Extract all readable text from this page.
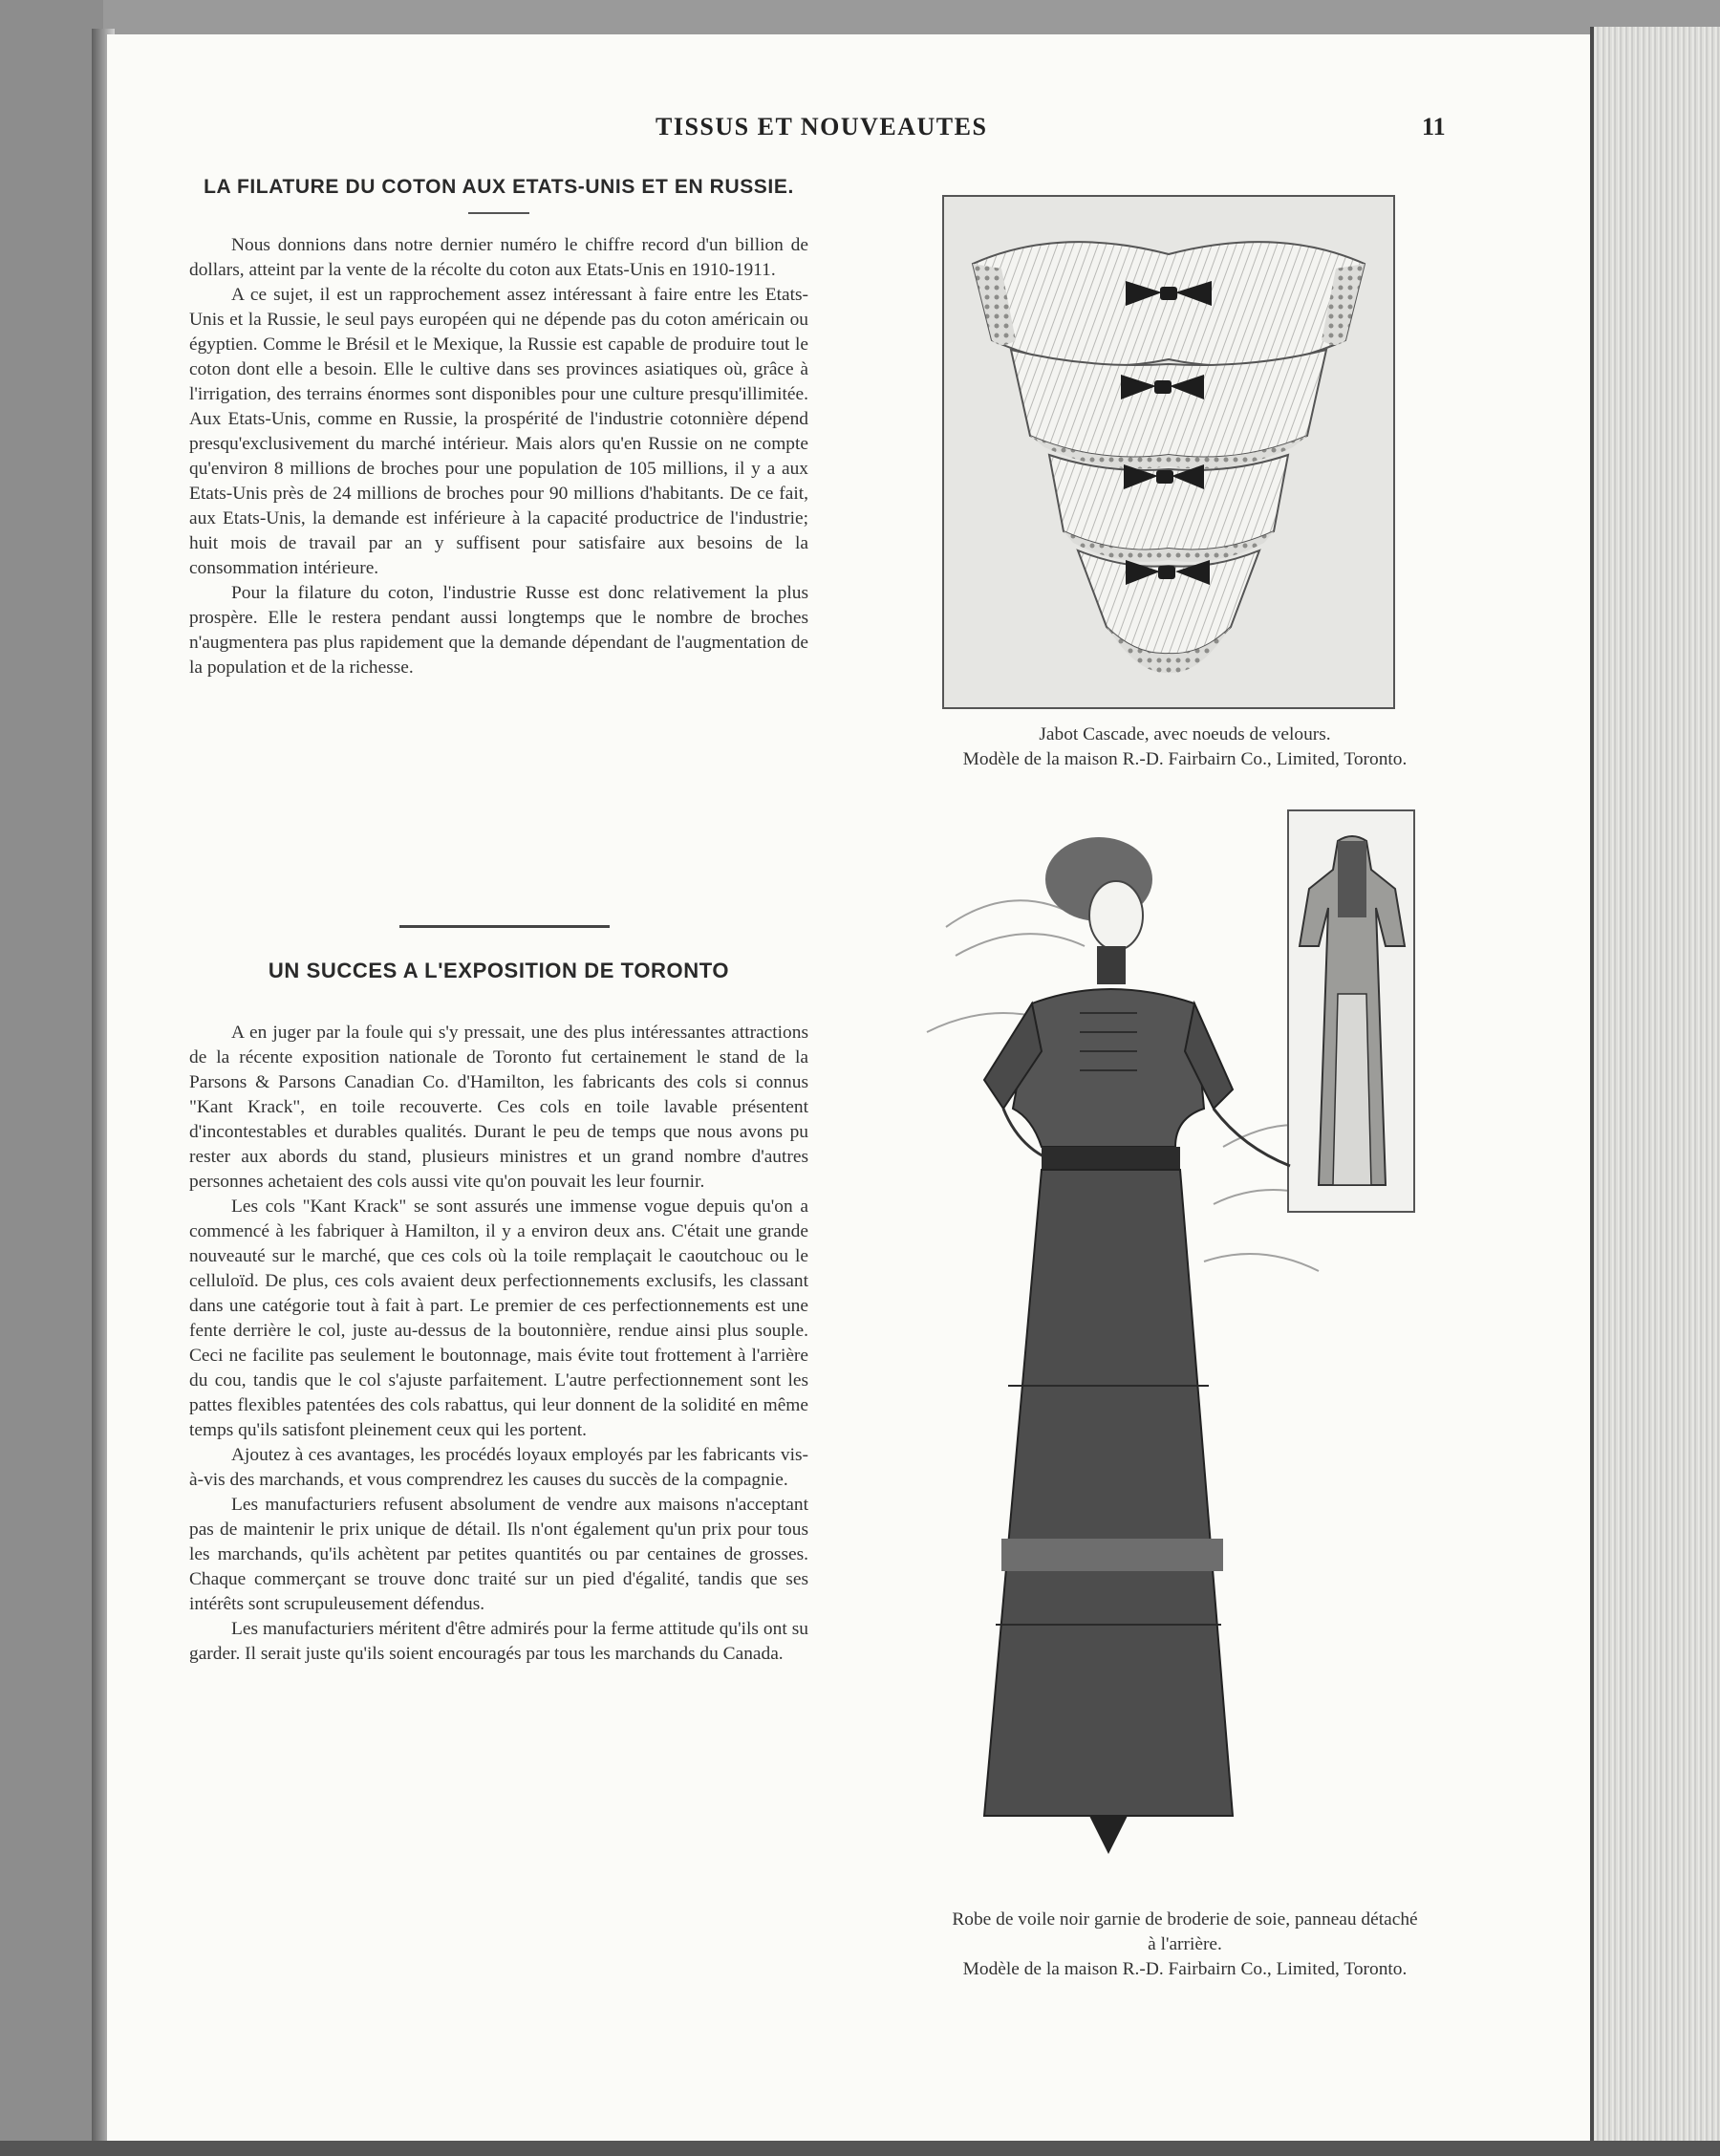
TISSUS ET NOUVEAUTES	11
LA FILATURE DU COTON AUX ETATS-UNIS ET EN RUSSIE.

Nous donnions dans notre dernier numéro le chiffre record d'un billion de dollars, atteint par la vente de la récolte du coton aux Etats-Unis en 1910-1911.

A ce sujet, il est un rapprochement assez intéressant à faire entre les Etats-Unis et la Russie, le seul pays européen qui ne dépende pas du coton américain ou égyptien. Comme le Brésil et le Mexique, la Russie est capable de produire tout le coton dont elle a besoin. Elle le cultive dans ses provinces asiatiques où, grâce à l'irrigation, des terrains énormes sont disponibles pour une culture presqu'illimitée. Aux Etats-Unis, comme en Russie, la prospérité de l'industrie cotonnière dépend presqu'exclusivement du marché intérieur. Mais alors qu'en Russie on ne compte qu'environ 8 millions de broches pour une population de 105 millions, il y a aux Etats-Unis près de 24 millions de broches pour 90 millions d'habitants. De ce fait, aux Etats-Unis, la demande est inférieure à la capacité productrice de l'industrie; huit mois de travail par an y suffisent pour satisfaire aux besoins de la consommation intérieure.

Pour la filature du coton, l'industrie Russe est donc relativement la plus prospère. Elle le restera pendant aussi longtemps que le nombre de broches n'augmentera pas plus rapidement que la demande dépendant de l'augmentation de la population et de la richesse.

UN SUCCES A L'EXPOSITION DE TORONTO

A en juger par la foule qui s'y pressait, une des plus intéressantes attractions de la récente exposition nationale de Toronto fut certainement le stand de la Parsons & Parsons Canadian Co. d'Hamilton, les fabricants des cols si connus "Kant Krack", en toile recouverte. Ces cols en toile lavable présentent d'incontestables et durables qualités. Durant le peu de temps que nous avons pu rester aux abords du stand, plusieurs ministres et un grand nombre d'autres personnes achetaient des cols aussi vite qu'on pouvait les leur fournir.

Les cols "Kant Krack" se sont assurés une immense vogue depuis qu'on a commencé à les fabriquer à Hamilton, il y a environ deux ans. C'était une grande nouveauté sur le marché, que ces cols où la toile remplaçait le caoutchouc ou le celluloïd. De plus, ces cols avaient deux perfectionnements exclusifs, les classant dans une catégorie tout à fait à part. Le premier de ces perfectionnements est une fente derrière le col, juste au-dessus de la boutonnière, rendue ainsi plus souple. Ceci ne facilite pas seulement le boutonnage, mais évite tout frottement à l'arrière du cou, tandis que le col s'ajuste parfaitement. L'autre perfectionnement sont les pattes flexibles patentées des cols rabattus, qui leur donnent de la solidité en même temps qu'ils satisfont pleinement ceux qui les portent.

Ajoutez à ces avantages, les procédés loyaux employés par les fabricants vis-à-vis des marchands, et vous comprendrez les causes du succès de la compagnie.

Les manufacturiers refusent absolument de vendre aux maisons n'acceptant pas de maintenir le prix unique de détail. Ils n'ont également qu'un prix pour tous les marchands, qu'ils achètent par petites quantités ou par centaines de grosses. Chaque commerçant se trouve donc traité sur un pied d'égalité, tandis que ses intérêts sont scrupuleusement défendus.

Les manufacturiers méritent d'être admirés pour la ferme attitude qu'ils ont su garder. Il serait juste qu'ils soient encouragés par tous les marchands du Canada.

Jabot Cascade, avec noeuds de velours.
Modèle de la maison R.-D. Fairbairn Co., Limited, Toronto.
Robe de voile noir garnie de broderie de soie, panneau détaché
à l'arrière.
Modèle de la maison R.-D. Fairbairn Co., Limited, Toronto.
